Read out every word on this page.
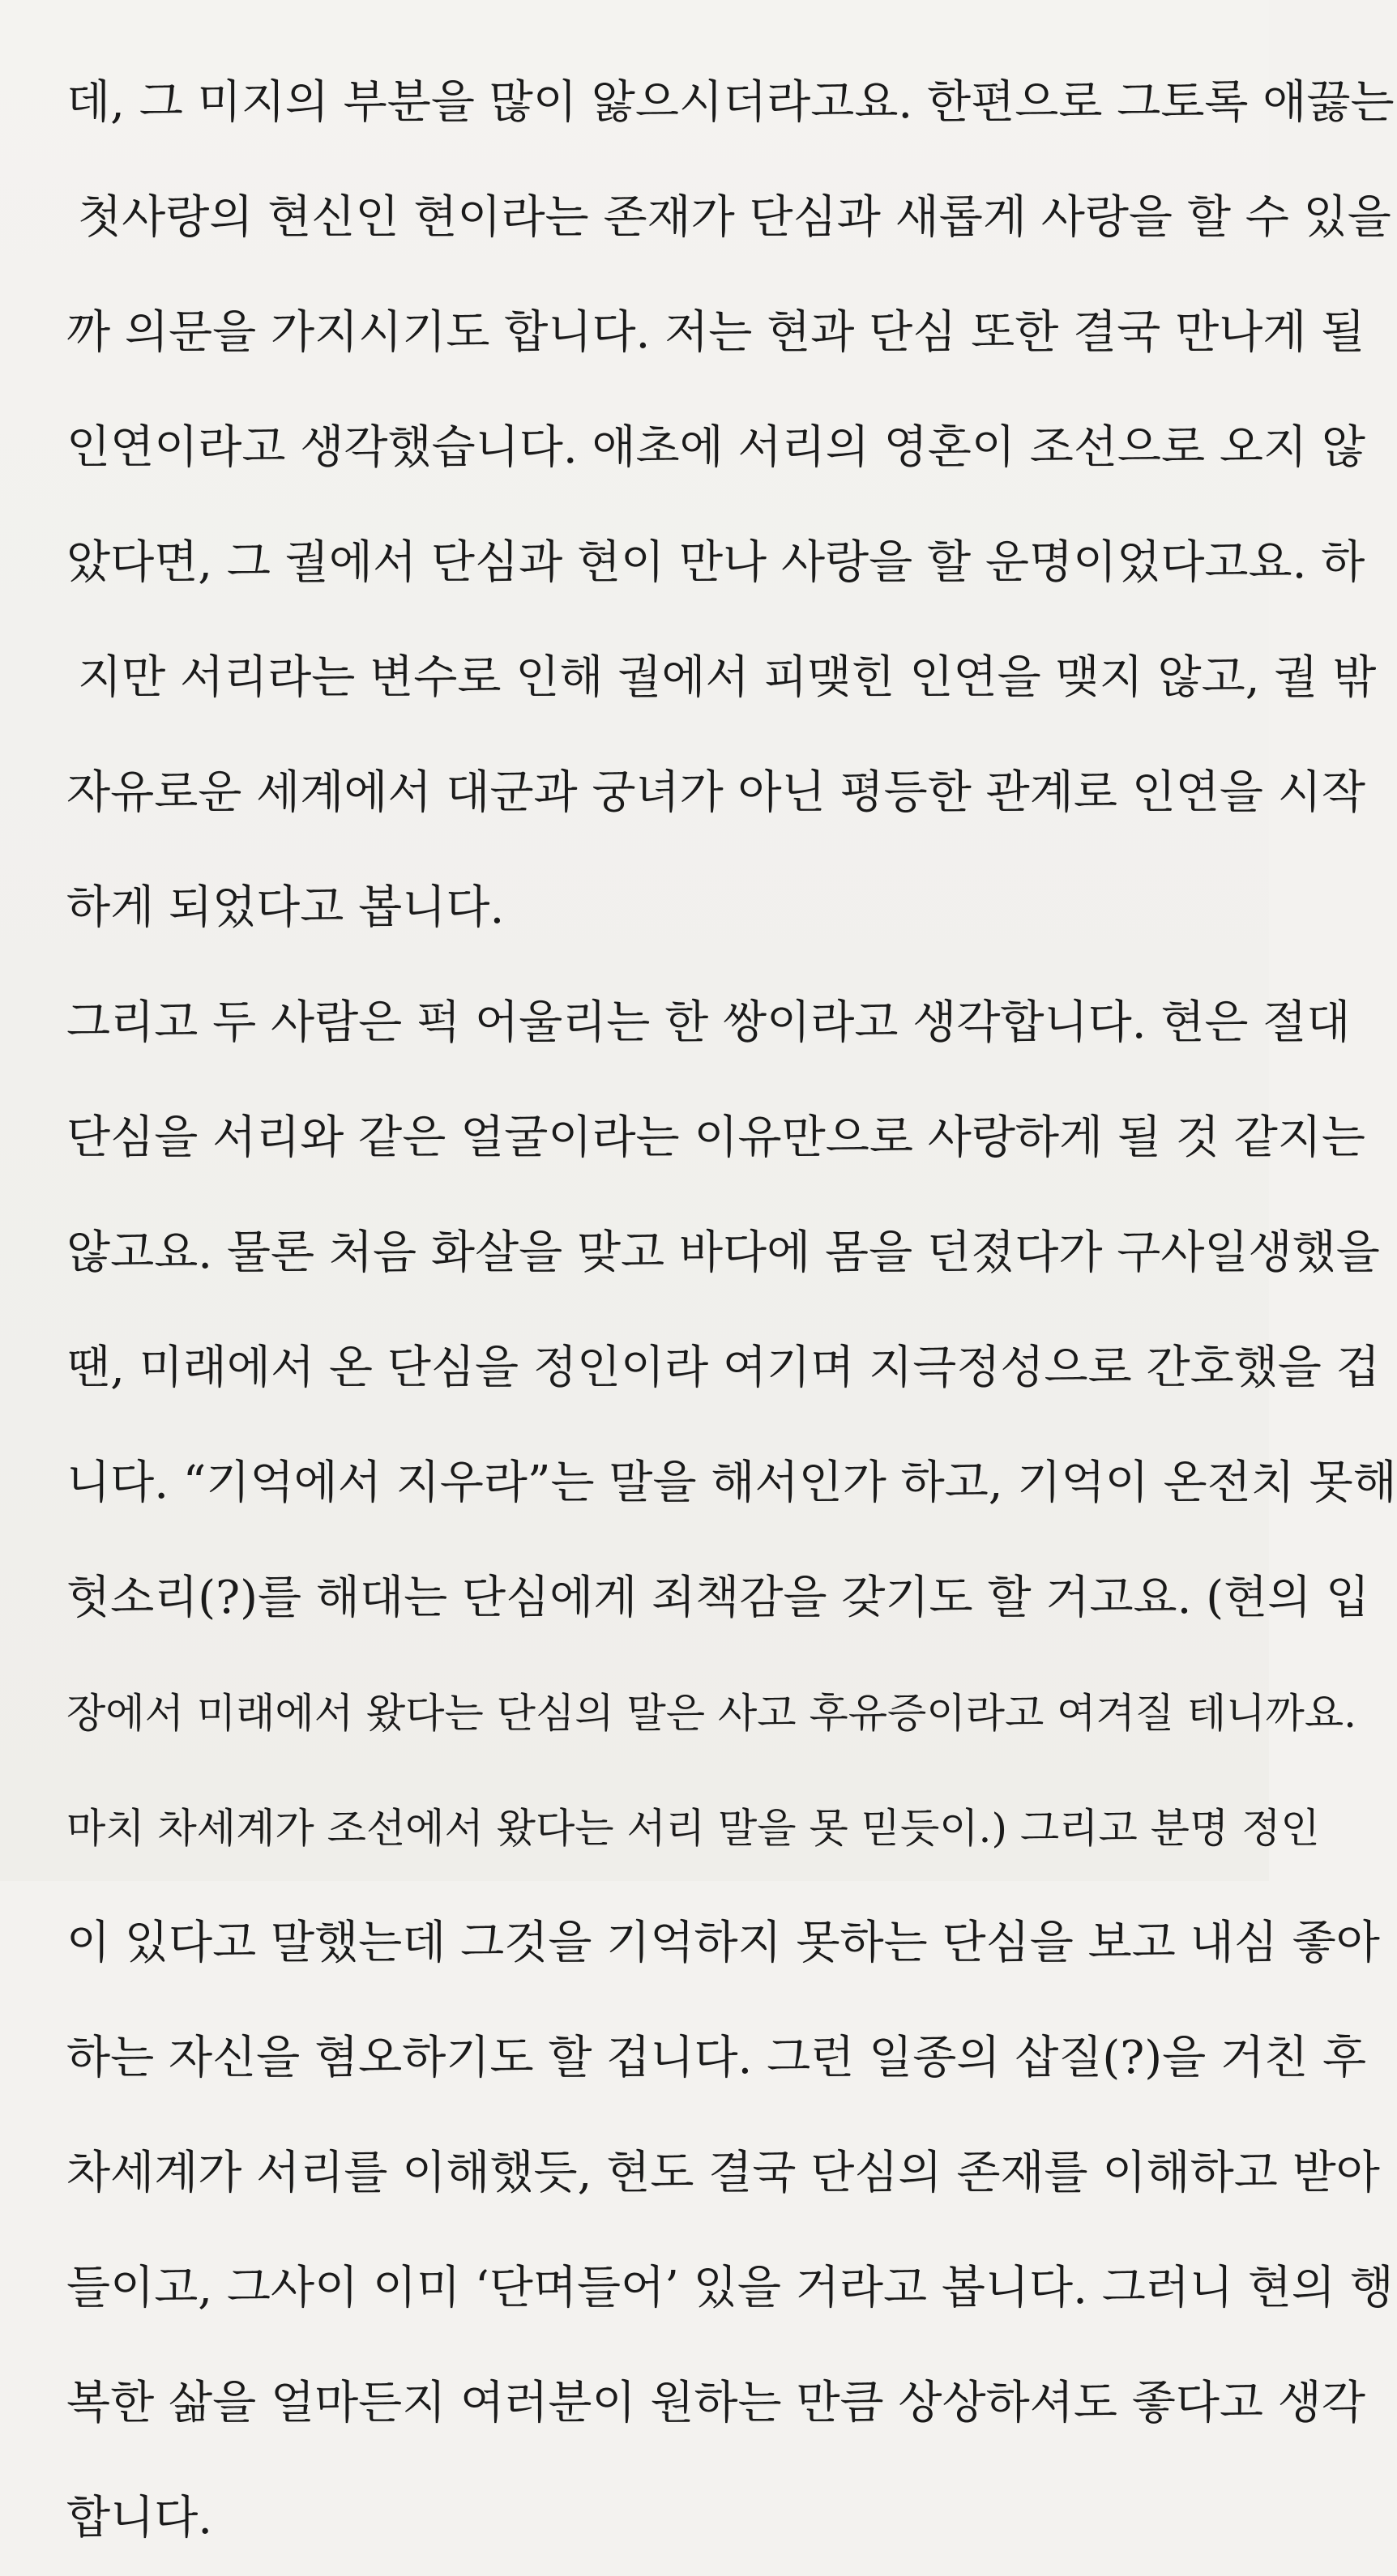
데, 그 미지의 부분을 많이 앓으시더라고요. 한편으로 그토록 애끓는
첫사랑의 현신인 현이라는 존재가 단심과 새롭게 사랑을 할 수 있을
까 의문을 가지시기도 합니다. 저는 현과 단심 또한 결국 만나게 될
인연이라고 생각했습니다. 애초에 서리의 영혼이 조선으로 오지 않
았다면, 그 궐에서 단심과 현이 만나 사랑을 할 운명이었다고요. 하
지만 서리라는 변수로 인해 궐에서 피맺힌 인연을 맺지 않고, 궐 밖
자유로운 세계에서 대군과 궁녀가 아닌 평등한 관계로 인연을 시작
하게 되었다고 봅니다.
그리고 두 사람은 퍽 어울리는 한 쌍이라고 생각합니다. 현은 절대
단심을 서리와 같은 얼굴이라는 이유만으로 사랑하게 될 것 같지는
않고요. 물론 처음 화살을 맞고 바다에 몸을 던졌다가 구사일생했을
땐, 미래에서 온 단심을 정인이라 여기며 지극정성으로 간호했을 겁
니다. “기억에서 지우라”는 말을 해서인가 하고, 기억이 온전치 못해
헛소리(?)를 해대는 단심에게 죄책감을 갖기도 할 거고요. (현의 입
장에서 미래에서 왔다는 단심의 말은 사고 후유증이라고 여겨질 테니까요.
마치 차세계가 조선에서 왔다는 서리 말을 못 믿듯이.) 그리고 분명 정인
이 있다고 말했는데 그것을 기억하지 못하는 단심을 보고 내심 좋아
하는 자신을 혐오하기도 할 겁니다. 그런 일종의 삽질(?)을 거친 후
차세계가 서리를 이해했듯, 현도 결국 단심의 존재를 이해하고 받아
들이고, 그사이 이미 ‘단며들어’ 있을 거라고 봅니다. 그러니 현의 행
복한 삶을 얼마든지 여러분이 원하는 만큼 상상하셔도 좋다고 생각
합니다.
